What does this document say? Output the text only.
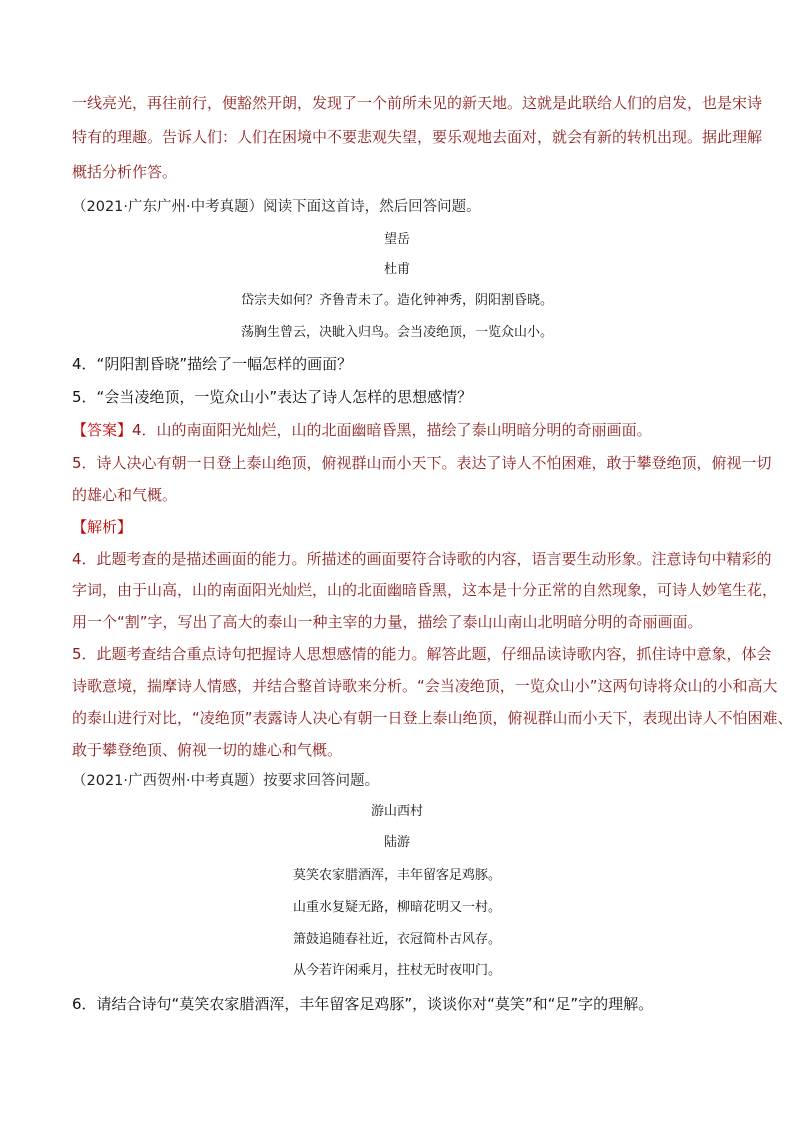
一线亮光，再往前行，便豁然开朗，发现了一个前所未见的新天地。这就是此联给人们的启发，也是宋诗
特有的理趣。告诉人们：人们在困境中不要悲观失望，要乐观地去面对，就会有新的转机出现。据此理解
概括分析作答。
（2021·广东广州·中考真题）阅读下面这首诗，然后回答问题。
望岳
杜甫
岱宗夫如何？齐鲁青未了。造化钟神秀，阴阳割昏晓。
荡胸生曾云，决眦入归鸟。会当凌绝顶，一览众山小。
4．“阴阳割昏晓”描绘了一幅怎样的画面？
5．“会当凌绝顶，一览众山小”表达了诗人怎样的思想感情？
【答案】4．山的南面阳光灿烂，山的北面幽暗昏黑，描绘了泰山明暗分明的奇丽画面。
5．诗人决心有朝一日登上泰山绝顶，俯视群山而小天下。表达了诗人不怕困难，敢于攀登绝顶，俯视一切
的雄心和气概。
【解析】
4．此题考查的是描述画面的能力。所描述的画面要符合诗歌的内容，语言要生动形象。注意诗句中精彩的
字词，由于山高，山的南面阳光灿烂，山的北面幽暗昏黑，这本是十分正常的自然现象，可诗人妙笔生花，
用一个“割”字，写出了高大的泰山一种主宰的力量，描绘了泰山山南山北明暗分明的奇丽画面。
5．此题考查结合重点诗句把握诗人思想感情的能力。解答此题，仔细品读诗歌内容，抓住诗中意象，体会
诗歌意境，揣摩诗人情感，并结合整首诗歌来分析。“会当凌绝顶，一览众山小”这两句诗将众山的小和高大
的泰山进行对比，“凌绝顶”表露诗人决心有朝一日登上泰山绝顶，俯视群山而小天下，表现出诗人不怕困难、
敢于攀登绝顶、俯视一切的雄心和气概。
（2021·广西贺州·中考真题）按要求回答问题。
游山西村
陆游
莫笑农家腊酒浑，丰年留客足鸡豚。
山重水复疑无路，柳暗花明又一村。
箫鼓追随春社近，衣冠简朴古风存。
从今若许闲乘月，拄杖无时夜叩门。
6．请结合诗句“莫笑农家腊酒浑，丰年留客足鸡豚”，谈谈你对“莫笑”和“足”字的理解。
